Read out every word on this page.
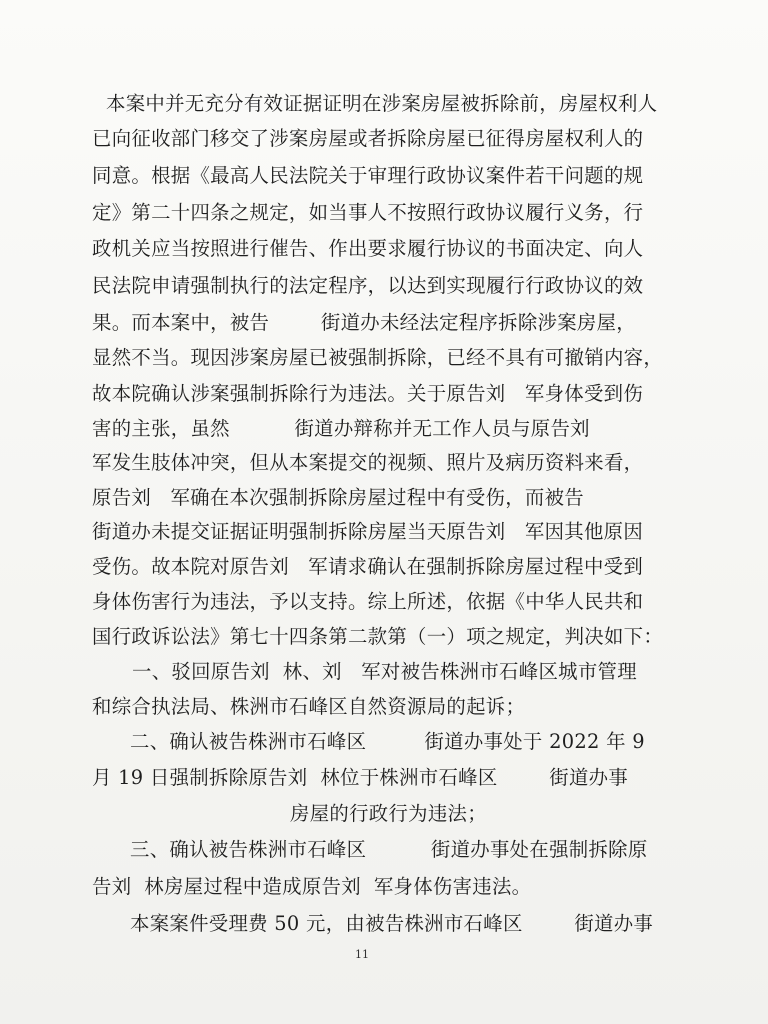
本案中并无充分有效证据证明在涉案房屋被拆除前，房屋权利人
已向征收部门移交了涉案房屋或者拆除房屋已征得房屋权利人的
同意。根据《最高人民法院关于审理行政协议案件若干问题的规
定》第二十四条之规定，如当事人不按照行政协议履行义务，行
政机关应当按照进行催告、作出要求履行协议的书面决定、向人
民法院申请强制执行的法定程序，以达到实现履行行政协议的效
果。而本案中，被告        街道办未经法定程序拆除涉案房屋，
显然不当。现因涉案房屋已被强制拆除，已经不具有可撤销内容，
故本院确认涉案强制拆除行为违法。关于原告刘   军身体受到伤
害的主张，虽然          街道办辩称并无工作人员与原告刘
军发生肢体冲突，但从本案提交的视频、照片及病历资料来看，
原告刘   军确在本次强制拆除房屋过程中有受伤，而被告
街道办未提交证据证明强制拆除房屋当天原告刘   军因其他原因
受伤。故本院对原告刘   军请求确认在强制拆除房屋过程中受到
身体伤害行为违法，予以支持。综上所述，依据《中华人民共和
国行政诉讼法》第七十四条第二款第（一）项之规定，判决如下：
一、驳回原告刘  林、刘   军对被告株洲市石峰区城市管理
和综合执法局、株洲市石峰区自然资源局的起诉；
二、确认被告株洲市石峰区         街道办事处于 2022 年 9
月 19 日强制拆除原告刘  林位于株洲市石峰区        街道办事
房屋的行政行为违法；
三、确认被告株洲市石峰区          街道办事处在强制拆除原
告刘  林房屋过程中造成原告刘  军身体伤害违法。
本案案件受理费 50 元，由被告株洲市石峰区        街道办事
11
